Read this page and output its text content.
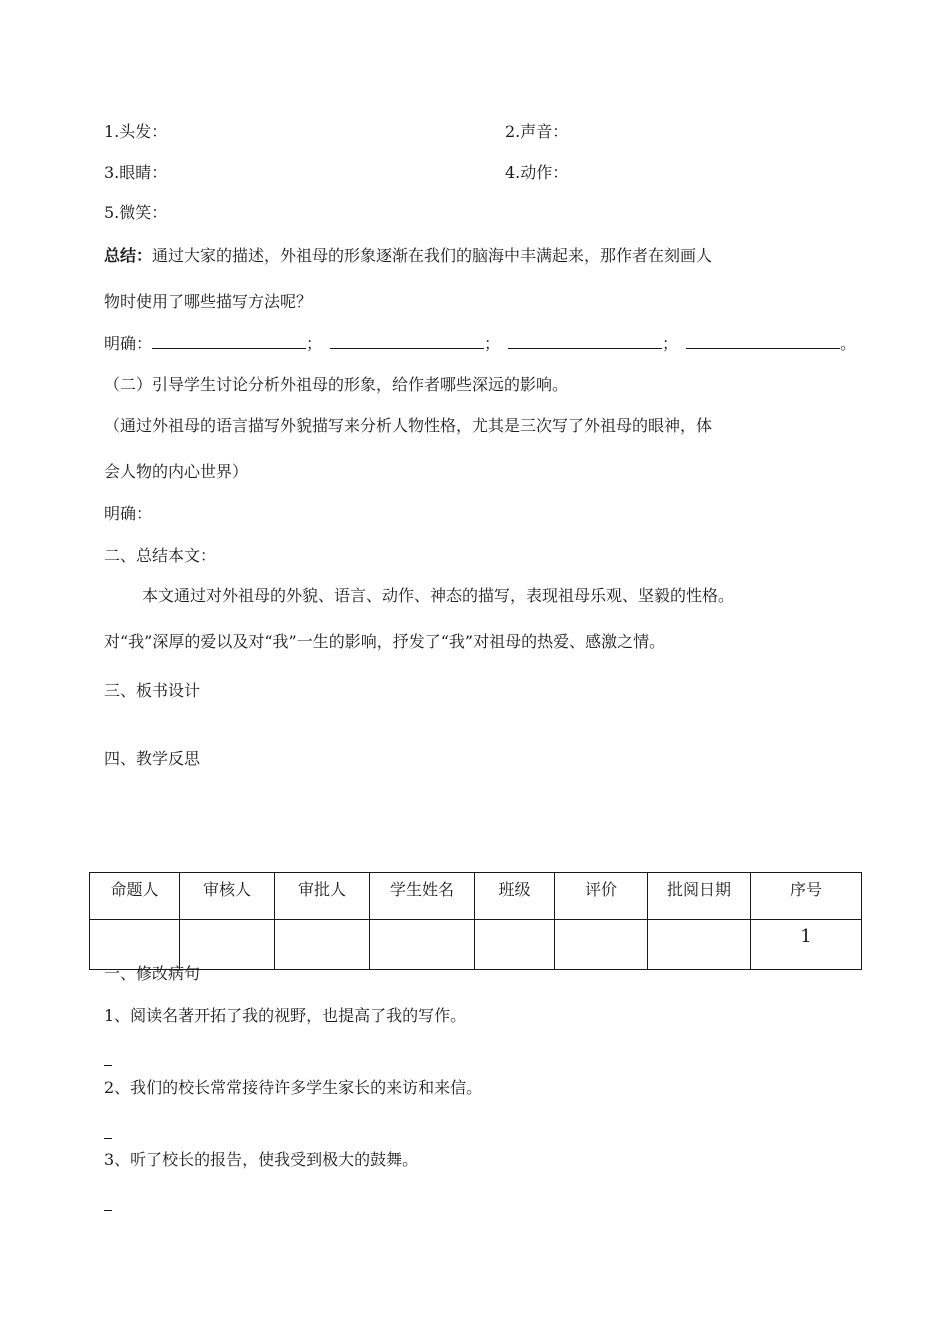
1.头发：	2.声音：
3.眼睛：	4.动作：
5.微笑：
总结：通过大家的描述，外祖母的形象逐渐在我们的脑海中丰满起来，那作者在刻画人
物时使用了哪些描写方法呢？
明确：	；	；	；	。
（二）引导学生讨论分析外祖母的形象，给作者哪些深远的影响。
（通过外祖母的语言描写外貌描写来分析人物性格，尤其是三次写了外祖母的眼神，体
会人物的内心世界）
明确：
二、总结本文：
本文通过对外祖母的外貌、语言、动作、神态的描写，表现祖母乐观、坚毅的性格。
对“我”深厚的爱以及对“我”一生的影响，抒发了“我”对祖母的热爱、感激之情。
三、板书设计
四、教学反思
命题人	审核人	审批人	学生姓名	班级	评价	批阅日期	序号
							1
一、修改病句
1、阅读名著开拓了我的视野，也提高了我的写作。
2、我们的校长常常接待许多学生家长的来访和来信。
3、听了校长的报告，使我受到极大的鼓舞。
